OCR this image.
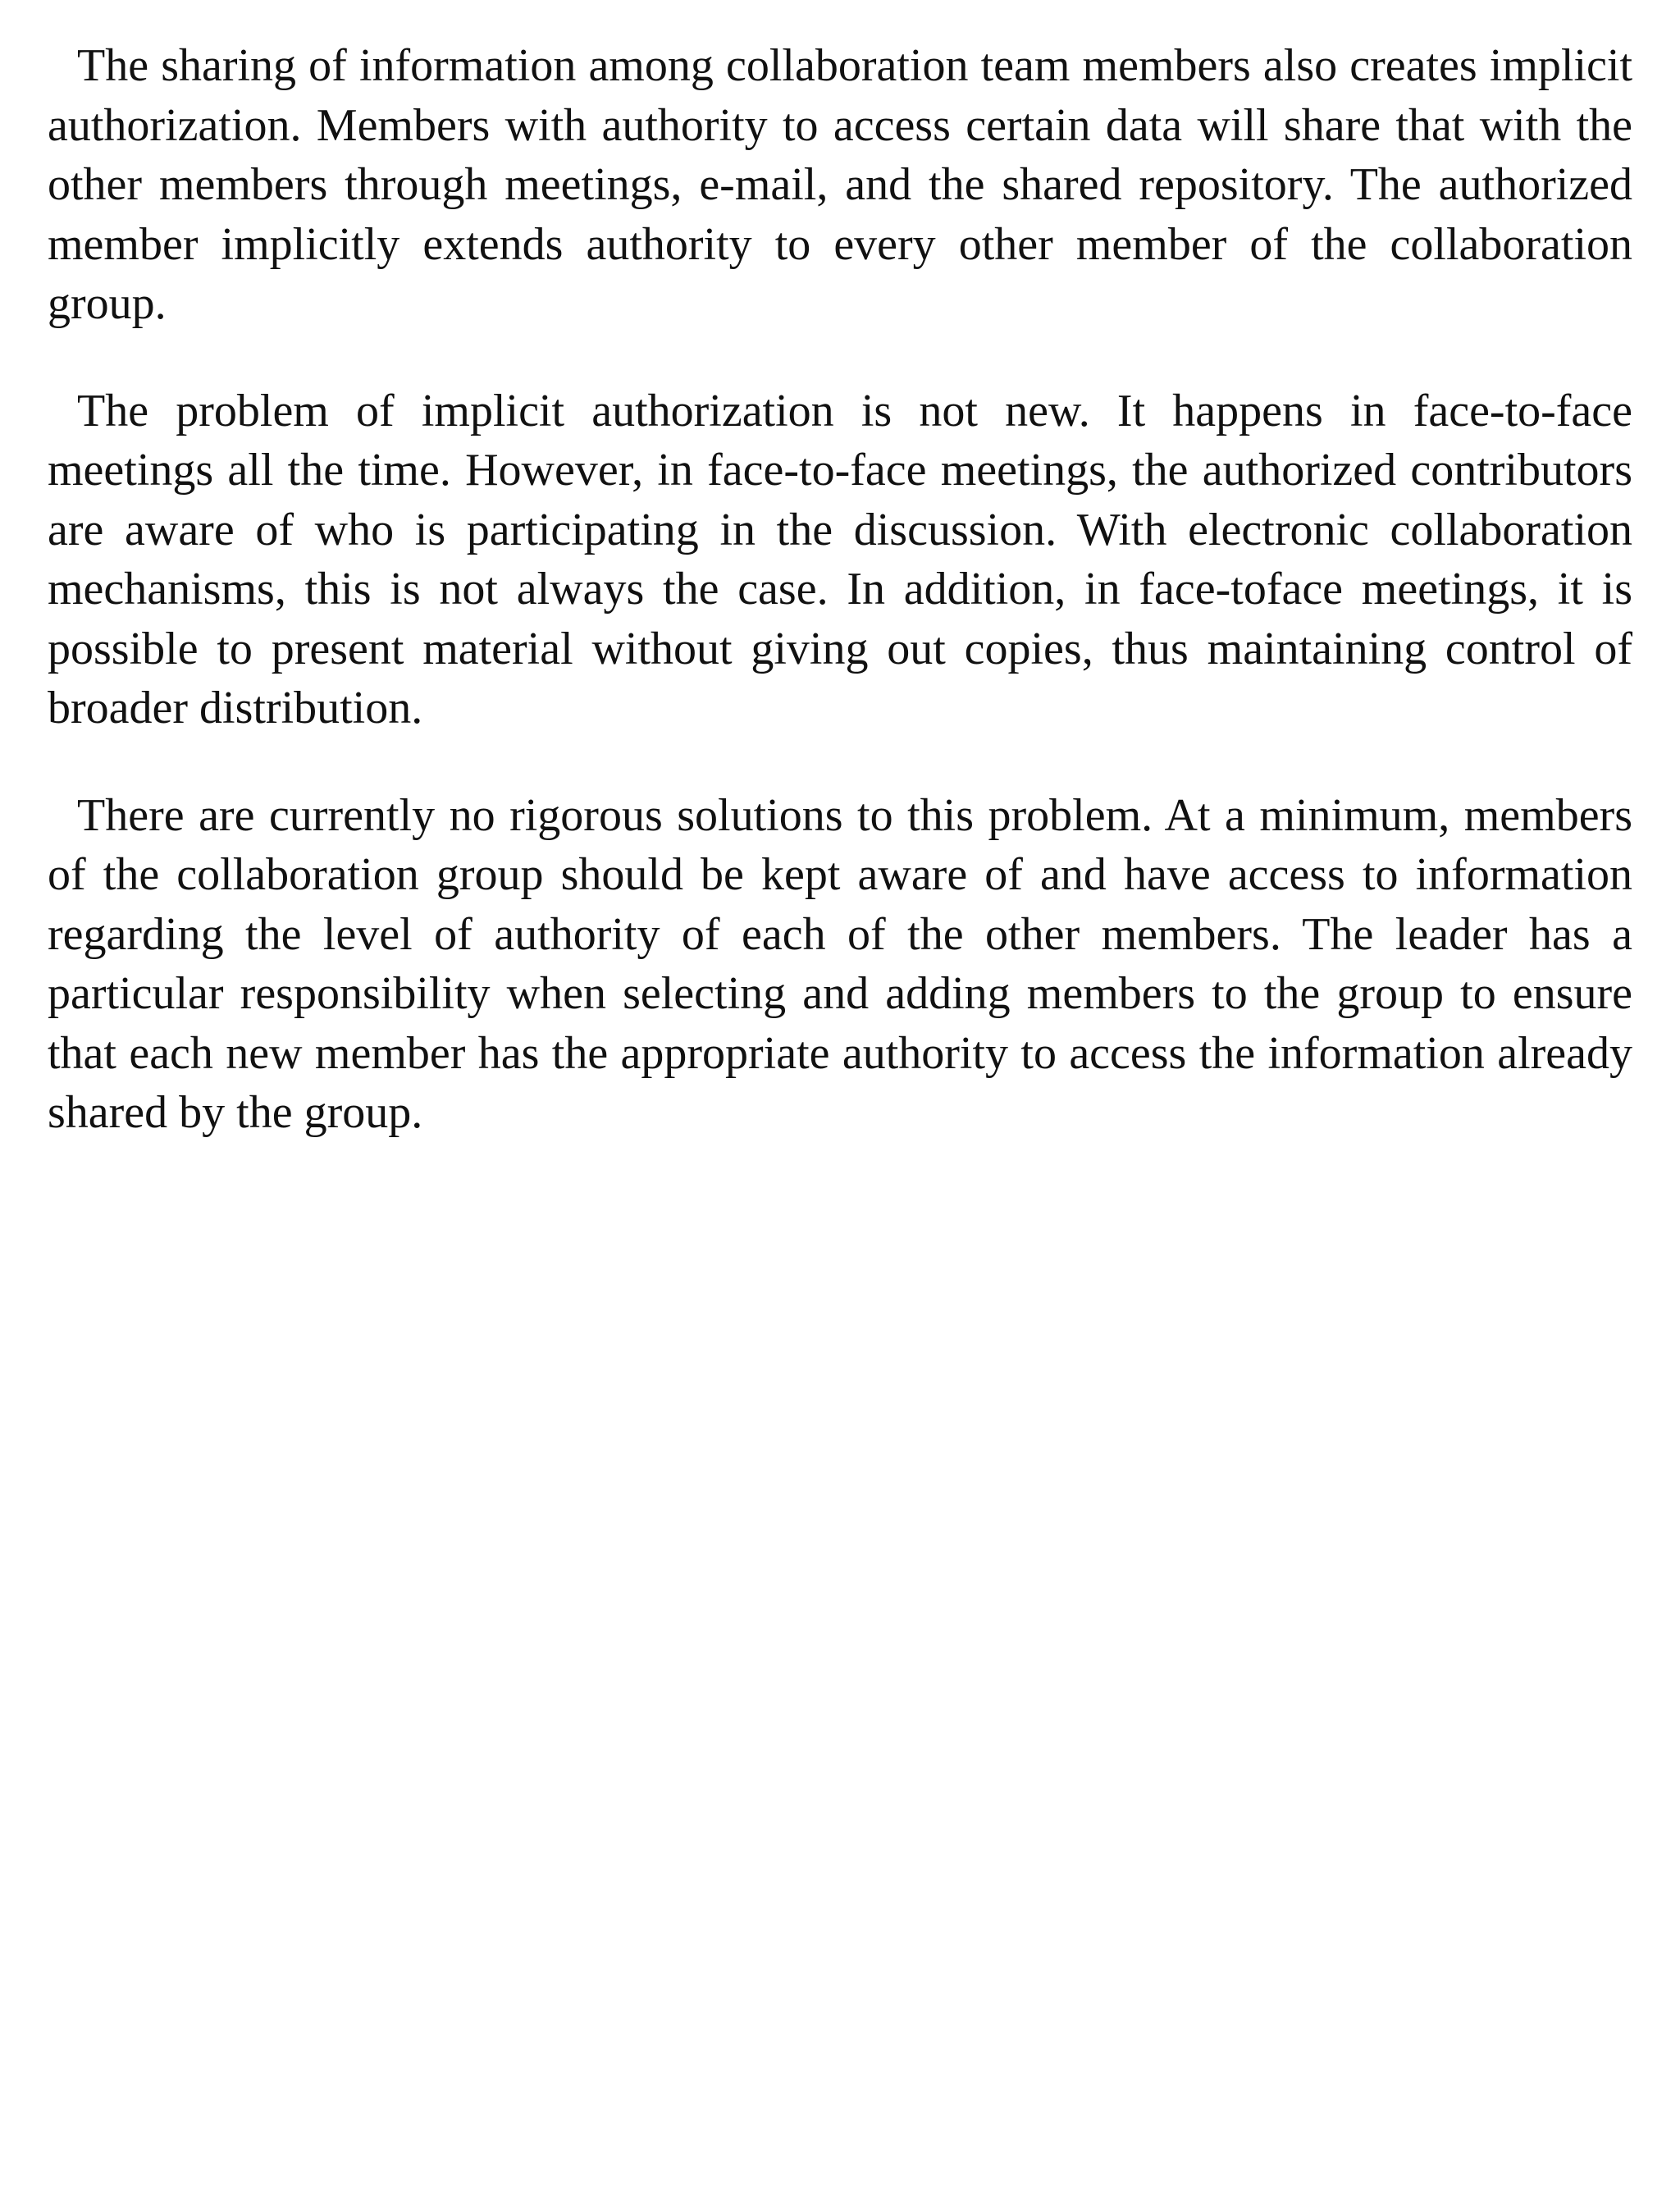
The sharing of information among collaboration team members also creates implicit authorization. Members with authority to access certain data will share that with the other members through meetings, e-mail, and the shared repository. The authorized member implicitly extends authority to every other member of the collaboration group.

The problem of implicit authorization is not new. It happens in face-to-face meetings all the time. However, in face-to-face meetings, the authorized contributors are aware of who is participating in the discussion. With electronic collaboration mechanisms, this is not always the case. In addition, in face-toface meetings, it is possible to present material without giving out copies, thus maintaining control of broader distribution.

There are currently no rigorous solutions to this problem. At a minimum, members of the collaboration group should be kept aware of and have access to information regarding the level of authority of each of the other members. The leader has a particular responsibility when selecting and adding members to the group to ensure that each new member has the appropriate authority to access the information already shared by the group.
